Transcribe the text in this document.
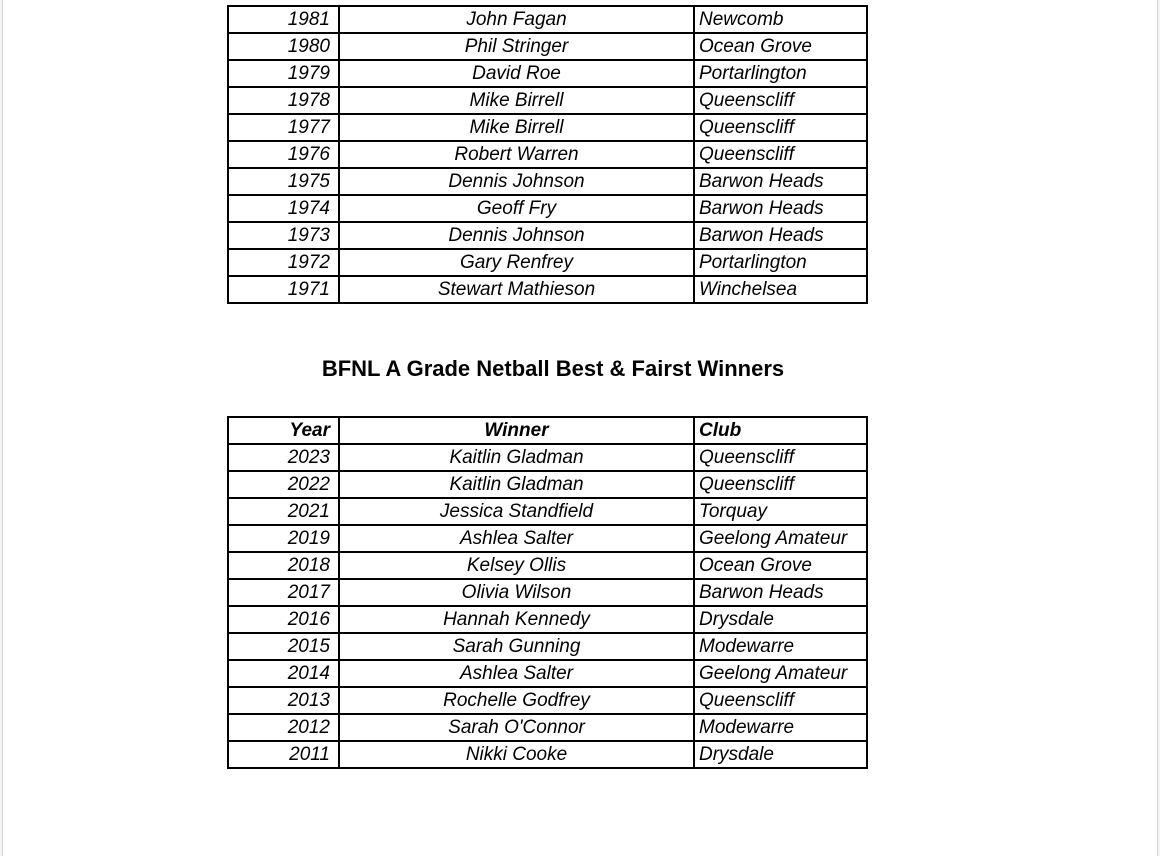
1981	John Fagan	Newcomb
1980	Phil Stringer	Ocean Grove
1979	David Roe	Portarlington
1978	Mike Birrell	Queenscliff
1977	Mike Birrell	Queenscliff
1976	Robert Warren	Queenscliff
1975	Dennis Johnson	Barwon Heads
1974	Geoff Fry	Barwon Heads
1973	Dennis Johnson	Barwon Heads
1972	Gary Renfrey	Portarlington
1971	Stewart Mathieson	Winchelsea
BFNL A Grade Netball Best & Fairst Winners
Year	Winner	Club
2023	Kaitlin Gladman	Queenscliff
2022	Kaitlin Gladman	Queenscliff
2021	Jessica Standfield	Torquay
2019	Ashlea Salter	Geelong Amateur
2018	Kelsey Ollis	Ocean Grove
2017	Olivia Wilson	Barwon Heads
2016	Hannah Kennedy	Drysdale
2015	Sarah Gunning	Modewarre
2014	Ashlea Salter	Geelong Amateur
2013	Rochelle Godfrey	Queenscliff
2012	Sarah O'Connor	Modewarre
2011	Nikki Cooke	Drysdale
